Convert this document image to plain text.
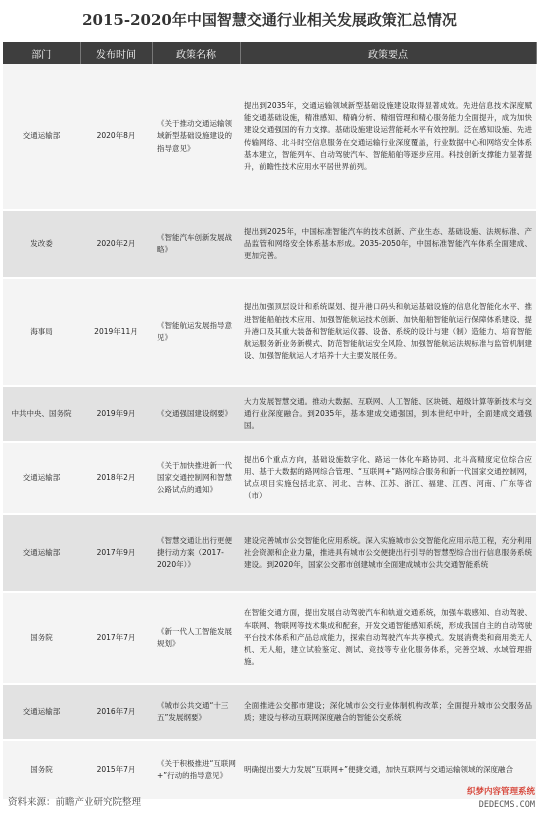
2015-2020年中国智慧交通行业相关发展政策汇总情况
部门	发布时间	政策名称	政策要点
交通运输部	2020年8月	《关于推动交通运输领域新型基础设施建设的指导意见》	提出到2035年，交通运输领域新型基础设施建设取得显著成效。先进信息技术深度赋能交通基础设施，精准感知、精确分析、精细管理和精心服务能力全面提升，成为加快建设交通强国的有力支撑。基础设施建设运营能耗水平有效控制。泛在感知设施、先进传输网络、北斗时空信息服务在交通运输行业深度覆盖，行业数据中心和网络安全体系基本建立，智能列车、自动驾驶汽车、智能船舶等逐步应用。科技创新支撑能力显著提升，前瞻性技术应用水平居世界前列。
发改委	2020年2月	《智能汽车创新发展战略》	提出到2025年，中国标准智能汽车的技术创新、产业生态、基础设施、法规标准、产品监管和网络安全体系基本形成。2035-2050年，中国标准智能汽车体系全面建成、更加完善。
海事局	2019年11月	《智能航运发展指导意见》	提出加强顶层设计和系统谋划、提升港口码头和航运基础设施的信息化智能化水平、推进智能船舶技术应用、加强智能航运技术创新、加快船舶智能航运行保障体系建设、提升港口及其重大装备和智能航运仪器、设备、系统的设计与建（制）造能力、培育智能航运服务新业务新模式、防范智能航运安全风险、加强智能航运法规标准与监管机制建设、加强智能航运人才培养十大主要发展任务。
中共中央、国务院	2019年9月	《交通强国建设纲要》	大力发展智慧交通。推动大数据、互联网、人工智能、区块链、超级计算等新技术与交通行业深度融合。到2035年，基本建成交通强国，到本世纪中叶，全面建成交通强国。
交通运输部	2018年2月	《关于加快推进新一代国家交通控制网和智慧公路试点的通知》	提出6个重点方向，基础设施数字化、路运一体化车路协同、北斗高精度定位综合应用、基于大数据的路网综合管理、“互联网+”路网综合服务和新一代国家交通控制网，试点项目实施包括北京、河北、吉林、江苏、浙江、福建、江西、河南、广东等省（市）
交通运输部	2017年9月	《智慧交通让出行更便捷行动方案（2017-2020年）》	建设完善城市公交智能化应用系统。深入实施城市公交智能化应用示范工程，充分利用社会资源和企业力量，推进具有城市公交便捷出行引导的智慧型综合出行信息服务系统建设。到2020年，国家公交都市创建城市全面建成城市公共交通智能系统
国务院	2017年7月	《新一代人工智能发展规划》	在智能交通方面，提出发展自动驾驶汽车和轨道交通系统，加强车载感知、自动驾驶、车联网、物联网等技术集成和配套，开发交通智能感知系统，形成我国自主的自动驾驶平台技术体系和产品总成能力，探索自动驾驶汽车共享模式。发展消费类和商用类无人机、无人船，建立试验鉴定、测试、竞技等专业化服务体系，完善空域、水域管理措施。
交通运输部	2016年7月	《城市公共交通“十三五”发展纲要》	全面推进公交都市建设；深化城市公交行业体制机构改革；全面提升城市公交服务品质；建设与移动互联网深度融合的智能公交系统
国务院	2015年7月	《关于积极推进“互联网+”行动的指导意见》	明确提出要大力发展“互联网+”便捷交通，加快互联网与交通运输领域的深度融合
资料来源：前瞻产业研究院整理
织梦内容管理系统
DEDECMS.COM
